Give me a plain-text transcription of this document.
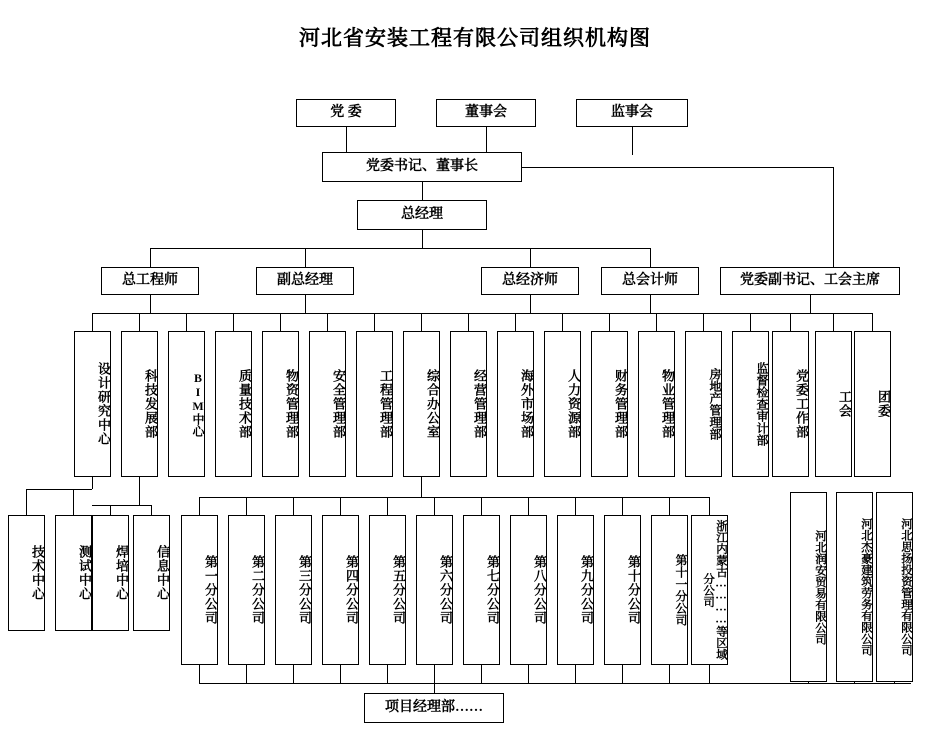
河北省安装工程有限公司组织机构图
党 委	董事会	监事会
党委书记、董事长
总经理
总工程师	副总经理	总经济师	总会计师	党委副书记、工会主席
设计研究中心	科技发展部	BIM中心	质量技术部	物资管理部	安全管理部	工程管理部	综合办公室	经营管理部	海外市场部	人力资源部	财务管理部	物业管理部	房地产管理部	监督检查审计部	党委工作部	工会	团委
技术中心	测试中心	焊培中心	信息中心	第一分公司	第二分公司	第三分公司	第四分公司	第五分公司	第六分公司	第七分公司	第八分公司	第九分公司	第十分公司	第十一分公司	浙江内蒙古…………等区域分公司	河北润安贸易有限公司	河北杰豪建筑劳务有限公司	河北思扬投资管理有限公司
项目经理部……
